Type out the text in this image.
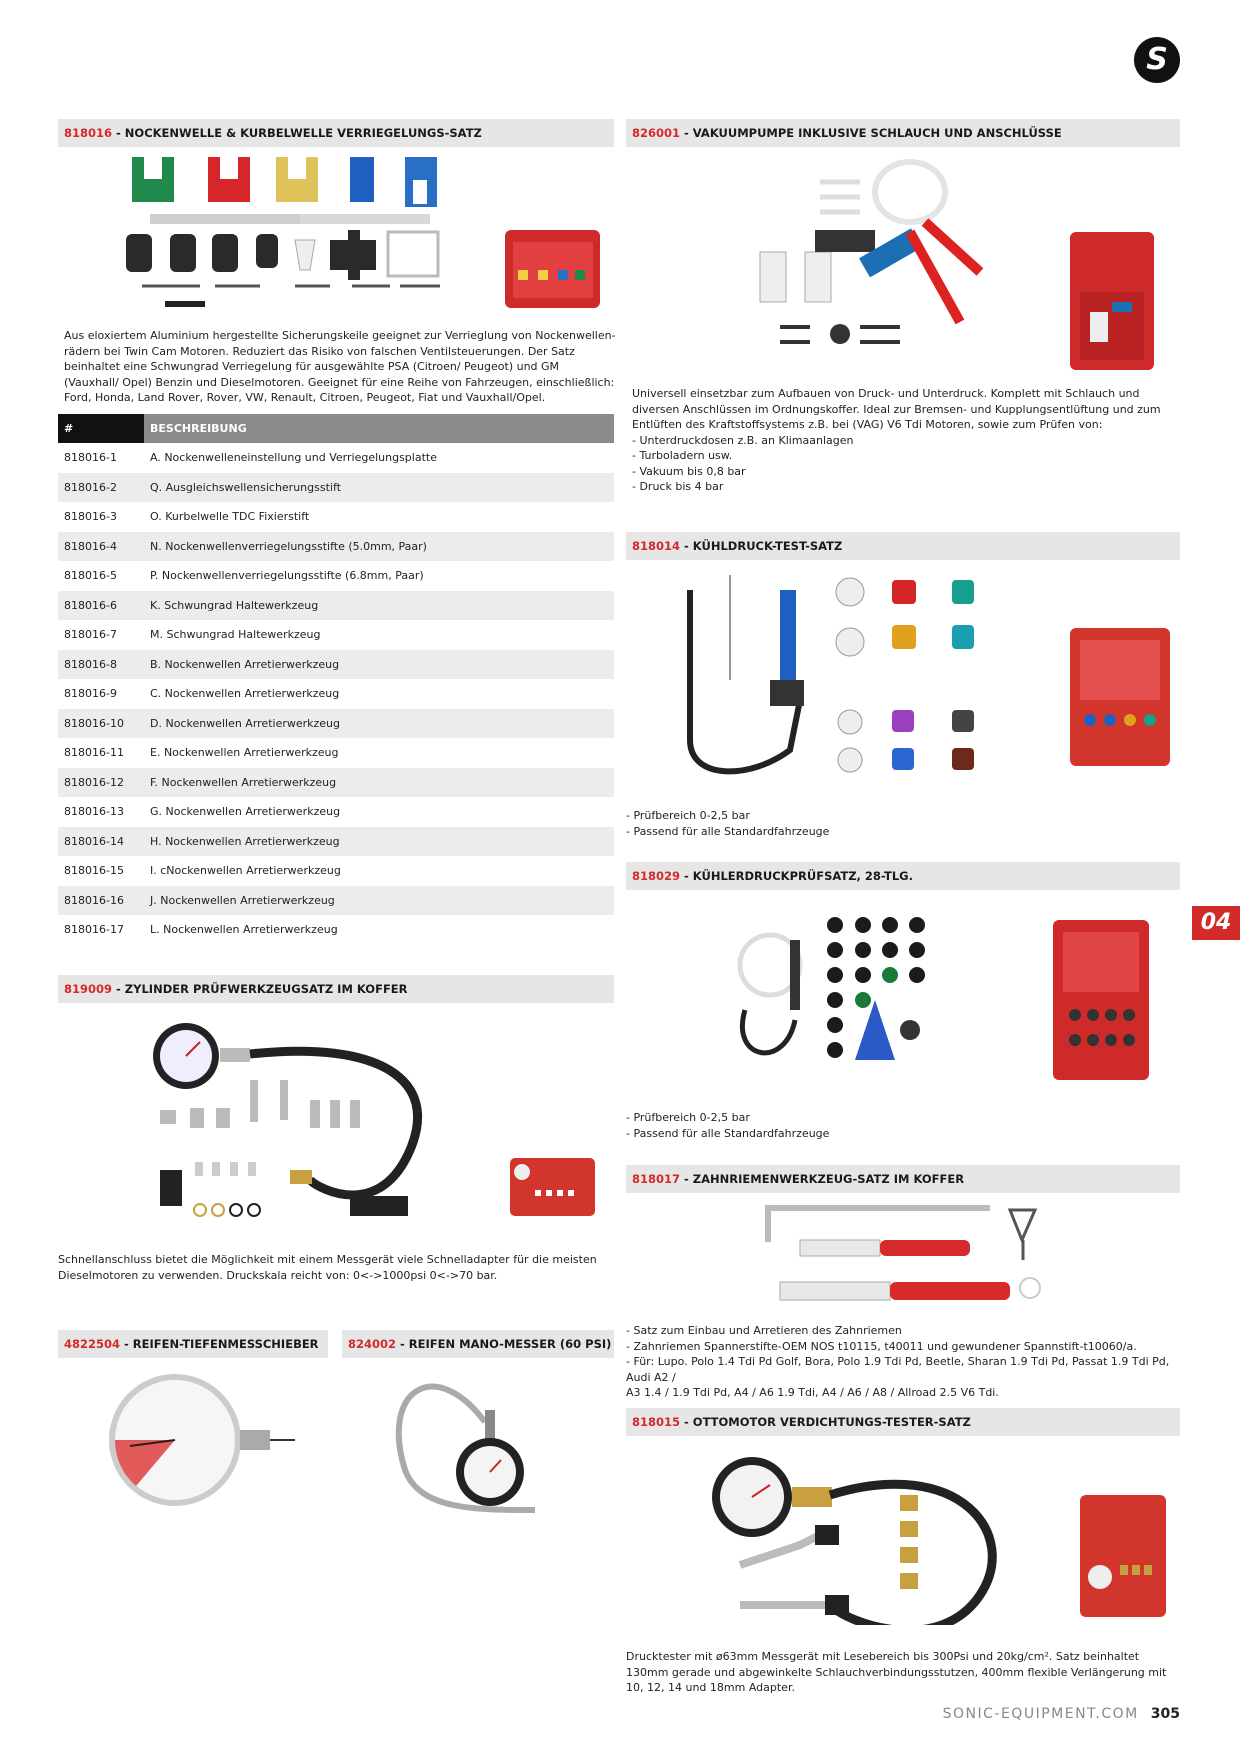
S
04
818016 - NOCKENWELLE & KURBELWELLE VERRIEGELUNGS-SATZ
Aus eloxiertem Aluminium hergestellte Sicherungskeile geeignet zur Verrieglung von Nockenwellen-rädern bei Twin Cam Motoren. Reduziert das Risiko von falschen Ventilsteuerungen. Der Satz beinhaltet eine Schwungrad Verriegelung für ausgewählte PSA (Citroen/ Peugeot) und GM (Vauxhall/ Opel) Benzin und Dieselmotoren. Geeignet für eine Reihe von Fahrzeugen, einschließlich: Ford, Honda, Land Rover, Rover, VW, Renault, Citroen, Peugeot, Fiat und Vauxhall/Opel.
#	BESCHREIBUNG
818016-1	A. Nockenwelleneinstellung und Verriegelungsplatte
818016-2	Q. Ausgleichswellensicherungsstift
818016-3	O. Kurbelwelle TDC Fixierstift
818016-4	N. Nockenwellenverriegelungsstifte (5.0mm, Paar)
818016-5	P. Nockenwellenverriegelungsstifte (6.8mm, Paar)
818016-6	K. Schwungrad Haltewerkzeug
818016-7	M. Schwungrad Haltewerkzeug
818016-8	B. Nockenwellen Arretierwerkzeug
818016-9	C. Nockenwellen Arretierwerkzeug
818016-10	D. Nockenwellen Arretierwerkzeug
818016-11	E. Nockenwellen Arretierwerkzeug
818016-12	F. Nockenwellen Arretierwerkzeug
818016-13	G. Nockenwellen Arretierwerkzeug
818016-14	H. Nockenwellen Arretierwerkzeug
818016-15	I. cNockenwellen Arretierwerkzeug
818016-16	J. Nockenwellen Arretierwerkzeug
818016-17	L. Nockenwellen Arretierwerkzeug
819009 - ZYLINDER PRÜFWERKZEUGSATZ IM KOFFER
Schnellanschluss bietet die Möglichkeit mit einem Messgerät viele Schnelladapter für die meisten Dieselmotoren zu verwenden. Druckskala reicht von: 0<->1000psi 0<->70 bar.
4822504 - REIFEN-TIEFENMESSCHIEBER	824002 - REIFEN MANO-MESSER (60 PSI)
826001 - VAKUUMPUMPE INKLUSIVE SCHLAUCH UND ANSCHLÜSSE
Universell einsetzbar zum Aufbauen von Druck- und Unterdruck. Komplett mit Schlauch und diversen Anschlüssen im Ordnungskoffer. Ideal zur Bremsen- und Kupplungsentlüftung und zum Entlüften des Kraftstoffsystems z.B. bei (VAG) V6 Tdi Motoren, sowie zum Prüfen von:
- Unterdruckdosen z.B. an Klimaanlagen
- Turboladern usw.
- Vakuum bis 0,8 bar
- Druck bis 4 bar
818014 - KÜHLDRUCK-TEST-SATZ
- Prüfbereich 0-2,5 bar
- Passend für alle Standardfahrzeuge
818029 - KÜHLERDRUCKPRÜFSATZ, 28-TLG.
- Prüfbereich 0-2,5 bar
- Passend für alle Standardfahrzeuge
818017 - ZAHNRIEMENWERKZEUG-SATZ IM KOFFER
- Satz zum Einbau und Arretieren des Zahnriemen
- Zahnriemen Spannerstifte-OEM NOS t10115, t40011 und gewundener Spannstift-t10060/a.
- Für: Lupo. Polo 1.4 Tdi Pd Golf, Bora, Polo 1.9 Tdi Pd, Beetle, Sharan 1.9 Tdi Pd, Passat 1.9 Tdi Pd, Audi A2 /
A3 1.4 / 1.9 Tdi Pd, A4 / A6 1.9 Tdi, A4 / A6 / A8 / Allroad 2.5 V6 Tdi.
818015 - OTTOMOTOR VERDICHTUNGS-TESTER-SATZ
Drucktester mit ø63mm Messgerät mit Lesebereich bis 300Psi und 20kg/cm². Satz beinhaltet 130mm gerade und abgewinkelte Schlauchverbindungsstutzen, 400mm flexible Verlängerung mit 10, 12, 14 und 18mm Adapter.
SONIC-EQUIPMENT.COM 305
